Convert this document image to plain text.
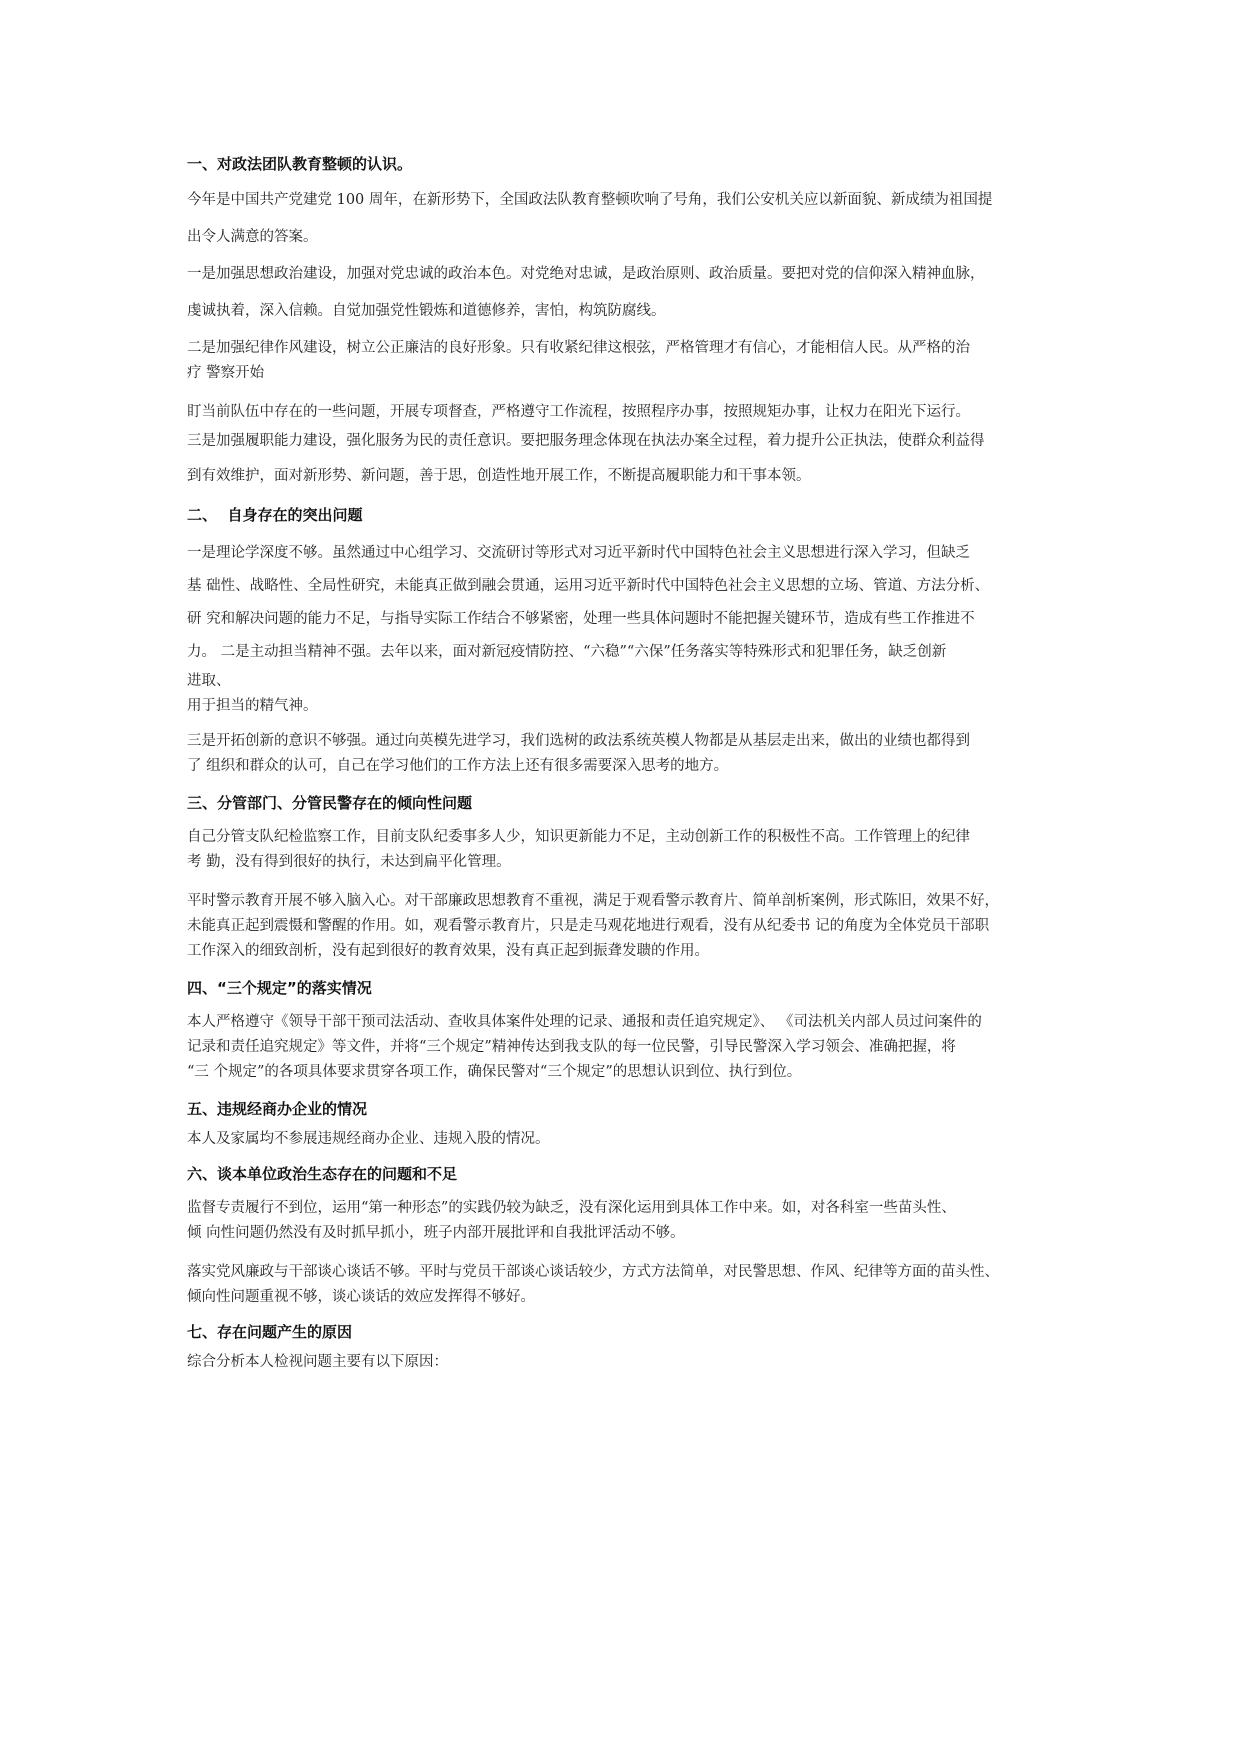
一、对政法团队教育整顿的认识。

今年是中国共产党建党 100 周年，在新形势下，全国政法队教育整顿吹响了号角，我们公安机关应以新面貌、新成绩为祖国提

出令人满意的答案。

一是加强思想政治建设，加强对党忠诚的政治本色。对党绝对忠诚，是政治原则、政治质量。要把对党的信仰深入精神血脉，

虔诚执着，深入信赖。自觉加强党性锻炼和道德修养，害怕，构筑防腐线。

二是加强纪律作风建设，树立公正廉洁的良好形象。只有收紧纪律这根弦，严格管理才有信心，才能相信人民。从严格的治

疗 警察开始

盯当前队伍中存在的一些问题，开展专项督查，严格遵守工作流程，按照程序办事，按照规矩办事，让权力在阳光下运行。

三是加强履职能力建设，强化服务为民的责任意识。要把服务理念体现在执法办案全过程，着力提升公正执法，使群众利益得

到有效维护，面对新形势、新问题，善于思，创造性地开展工作，不断提高履职能力和干事本领。

二、  自身存在的突出问题

一是理论学深度不够。虽然通过中心组学习、交流研讨等形式对习近平新时代中国特色社会主义思想进行深入学习，但缺乏

基 础性、战略性、全局性研究，未能真正做到融会贯通，运用习近平新时代中国特色社会主义思想的立场、管道、方法分析、

研 究和解决问题的能力不足，与指导实际工作结合不够紧密，处理一些具体问题时不能把握关键环节，造成有些工作推进不

力。 二是主动担当精神不强。去年以来，面对新冠疫情防控、“六稳”“六保”任务落实等特殊形式和犯罪任务，缺乏创新

进取、

用于担当的精气神。

三是开拓创新的意识不够强。通过向英模先进学习，我们选树的政法系统英模人物都是从基层走出来，做出的业绩也都得到

了 组织和群众的认可，自己在学习他们的工作方法上还有很多需要深入思考的地方。

三、分管部门、分管民警存在的倾向性问题

自己分管支队纪检监察工作，目前支队纪委事多人少，知识更新能力不足，主动创新工作的积极性不高。工作管理上的纪律

考 勤，没有得到很好的执行，未达到扁平化管理。

平时警示教育开展不够入脑入心。对干部廉政思想教育不重视，满足于观看警示教育片、简单剖析案例，形式陈旧，效果不好，

未能真正起到震慑和警醒的作用。如，观看警示教育片，只是走马观花地进行观看，没有从纪委书 记的角度为全体党员干部职

工作深入的细致剖析，没有起到很好的教育效果，没有真正起到振聋发聩的作用。

四、“三个规定”的落实情况

本人严格遵守《领导干部干预司法活动、查收具体案件处理的记录、通报和责任追究规定》、 《司法机关内部人员过问案件的

记录和责任追究规定》等文件，并将“三个规定”精神传达到我支队的每一位民警，引导民警深入学习领会、准确把握，将

“三 个规定”的各项具体要求贯穿各项工作，确保民警对“三个规定”的思想认识到位、执行到位。

五、违规经商办企业的情况

本人及家属均不参展违规经商办企业、违规入股的情况。

六、谈本单位政治生态存在的问题和不足

监督专责履行不到位，运用“第一种形态”的实践仍较为缺乏，没有深化运用到具体工作中来。如，对各科室一些苗头性、

倾 向性问题仍然没有及时抓早抓小，班子内部开展批评和自我批评活动不够。

落实党风廉政与干部谈心谈话不够。平时与党员干部谈心谈话较少，方式方法简单，对民警思想、作风、纪律等方面的苗头性、

倾向性问题重视不够，谈心谈话的效应发挥得不够好。

七、存在问题产生的原因

综合分析本人检视问题主要有以下原因：
